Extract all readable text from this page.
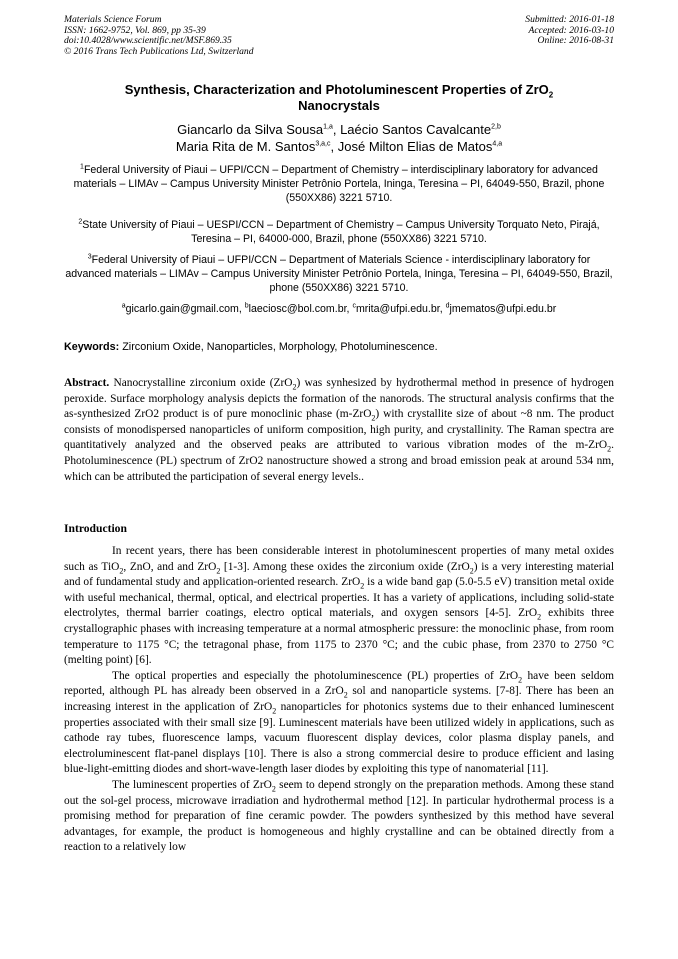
Materials Science Forum
ISSN: 1662-9752, Vol. 869, pp 35-39
doi:10.4028/www.scientific.net/MSF.869.35
© 2016 Trans Tech Publications Ltd, Switzerland
Submitted: 2016-01-18
Accepted: 2016-03-10
Online: 2016-08-31
Synthesis, Characterization and Photoluminescent Properties of ZrO$_2$
Nanocrystals
Giancarlo da Silva Sousa$^{1,a}$, Laécio Santos Cavalcante$^{2,b}$
Maria Rita de M. Santos$^{3,a,c}$, José Milton Elias de Matos$^{4,a}$
$^1$Federal University of Piaui – UFPI/CCN – Department of Chemistry – interdisciplinary laboratory for advanced materials – LIMAv – Campus University Minister Petrônio Portela, Ininga, Teresina – PI, 64049-550, Brazil, phone (550XX86) 3221 5710.
$^2$State University of Piaui – UESPI/CCN – Department of Chemistry – Campus University Torquato Neto, Pirajá, Teresina – PI, 64000-000, Brazil, phone (550XX86) 3221 5710.
$^3$Federal University of Piaui – UFPI/CCN – Department of Materials Science - interdisciplinary laboratory for advanced materials – LIMAv – Campus University Minister Petrônio Portela, Ininga, Teresina – PI, 64049-550, Brazil, phone (550XX86) 3221 5710.
$^a$gicarlo.gain@gmail.com, $^b$laeciosc@bol.com.br, $^c$mrita@ufpi.edu.br, $^d$jmematos@ufpi.edu.br
Keywords: Zirconium Oxide, Nanoparticles, Morphology, Photoluminescence.
Abstract. Nanocrystalline zirconium oxide (ZrO$_2$) was synhesized by hydrothermal method in presence of hydrogen peroxide. Surface morphology analysis depicts the formation of the nanorods. The structural analysis confirms that the as-synthesized ZrO2 product is of pure monoclinic phase (m-ZrO$_2$) with crystallite size of about ~8 nm. The product consists of monodispersed nanoparticles of uniform composition, high purity, and crystallinity. The Raman spectra are quantitatively analyzed and the observed peaks are attributed to various vibration modes of the m-ZrO$_2$. Photoluminescence (PL) spectrum of ZrO2 nanostructure showed a strong and broad emission peak at around 534 nm, which can be attributed the participation of several energy levels..
Introduction

In recent years, there has been considerable interest in photoluminescent properties of many metal oxides such as TiO$_2$, ZnO, and and ZrO$_2$ [1-3]. Among these oxides the zirconium oxide (ZrO$_2$) is a very interesting material and of fundamental study and application-oriented research. ZrO$_2$ is a wide band gap (5.0-5.5 eV) transition metal oxide with useful mechanical, thermal, optical, and electrical properties. It has a variety of applications, including solid-state electrolytes, thermal barrier coatings, electro optical materials, and oxygen sensors [4-5]. ZrO$_2$ exhibits three crystallographic phases with increasing temperature at a normal atmospheric pressure: the monoclinic phase, from room temperature to 1175 °C; the tetragonal phase, from 1175 to 2370 °C; and the cubic phase, from 2370 to 2750 °C (melting point) [6].

The optical properties and especially the photoluminescence (PL) properties of ZrO$_2$ have been seldom reported, although PL has already been observed in a ZrO$_2$ sol and nanoparticle systems. [7-8]. There has been an increasing interest in the application of ZrO$_2$ nanoparticles for photonics systems due to their enhanced luminescent properties associated with their small size [9]. Luminescent materials have been utilized widely in applications, such as cathode ray tubes, fluorescence lamps, vacuum fluorescent display devices, color plasma display panels, and electroluminescent flat-panel displays [10]. There is also a strong commercial desire to produce efficient and lasing blue-light-emitting diodes and short-wave-length laser diodes by exploiting this type of nanomaterial [11].

The luminescent properties of ZrO$_2$ seem to depend strongly on the preparation methods. Among these stand out the sol-gel process, microwave irradiation and hydrothermal method [12]. In particular hydrothermal process is a promising method for preparation of fine ceramic powder. The powders synthesized by this method have several advantages, for example, the product is homogeneous and highly crystalline and can be obtained directly from a reaction to a relatively low
